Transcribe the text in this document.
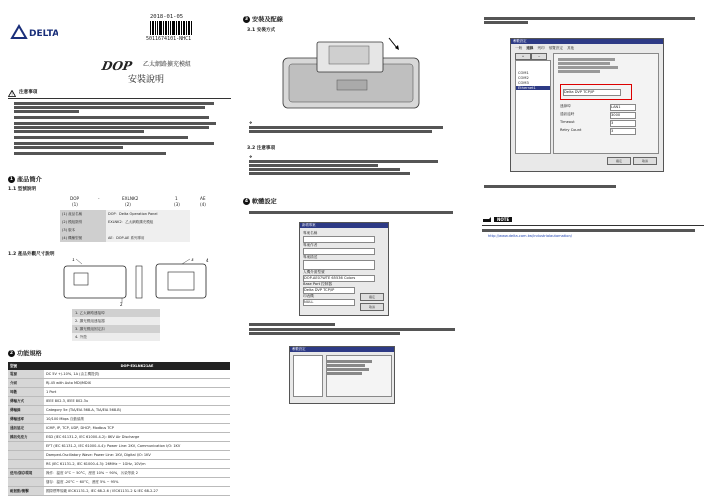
DELTA
2018-01-05
5011674101-NHC1
DOP 乙太網路擴充模組
安裝說明
! 注意事項
1 產品簡介
1.1 型號說明
DOP	-	EXLNK2	1	AE
(1)	(2)	(3)	(4)
(1) 產品名稱	DOP：Delta Operation Panel
(2) 模組類別	EXLNK2：乙太網路擴充模組
(3) 版本	
(4) 機種型號	AE：DOP-AE 系列專用
1.2 產品外觀尺寸說明
1
2
3	4
1. 乙太網路連接埠
2. 擴充模組連接器
3. 擴充模組固定扣
4. 外殼
2 功能規格
型號	DOP-EXLNK21AE
電源	DC 5V +/-10%, 1A (由主機提供)
介面	RJ-45 with Auto MDI/MDIX
埠數	1 Port
傳輸方式	IEEE 802.3, IEEE 802.3u
傳輸線	Category 5e (TIA/EIA 568-A, TIA/EIA 568-B)
傳輸速率	10/100 Mbps 自動偵測
通訊協定	ICMP, IP, TCP, UDP, DHCP, Modbus TCP
雜訊免疫力	ESD (IEC 61131-2, IEC 61000-4-2): 8KV Air Discharge
	EFT (IEC 61131-2, IEC 61000-4-4): Power Line: 2KV, Communication I/O: 1KV
	Damped-Oscillatory Wave: Power Line: 1KV, Digital I/O: 1KV
	RS (IEC 61131-2, IEC 61000-4-3): 26MHz ~ 1GHz, 10V/m
使用/儲存環境	操作：溫度 0°C ~ 50°C，溼度 10% ~ 90%，污染等級 2
	儲存：溫度 -20°C ~ 60°C，溼度 5% ~ 95%
耐振動/衝擊	國際標準規範 IEC61131-2, IEC 68-2-6 / IEC61131-2 & IEC 68-2-27
3 安裝及配線
3.1 安裝方式
❖
3.2 注意事項
❖
4 軟體設定
新增專案
專案名稱
專案作者
專案描述
人機介面型號
DOP-AE07WTE 65536 Colors
Base Port 控制器
Delta DVP TCP/IP
印表機
NULL
確定
取消
參數設定
參數設定
一般 連線 列印 預覽設定 其他
+	−
COM1
COM2
COM3
Ethernet1
Delta DVP TCP/IP
連線埠	LAN1
通訊逾時	3000
Timeout	3
Retry Count	3
確定	取消
NOTE
http://www.delta.com.tw/industrialautomation/
